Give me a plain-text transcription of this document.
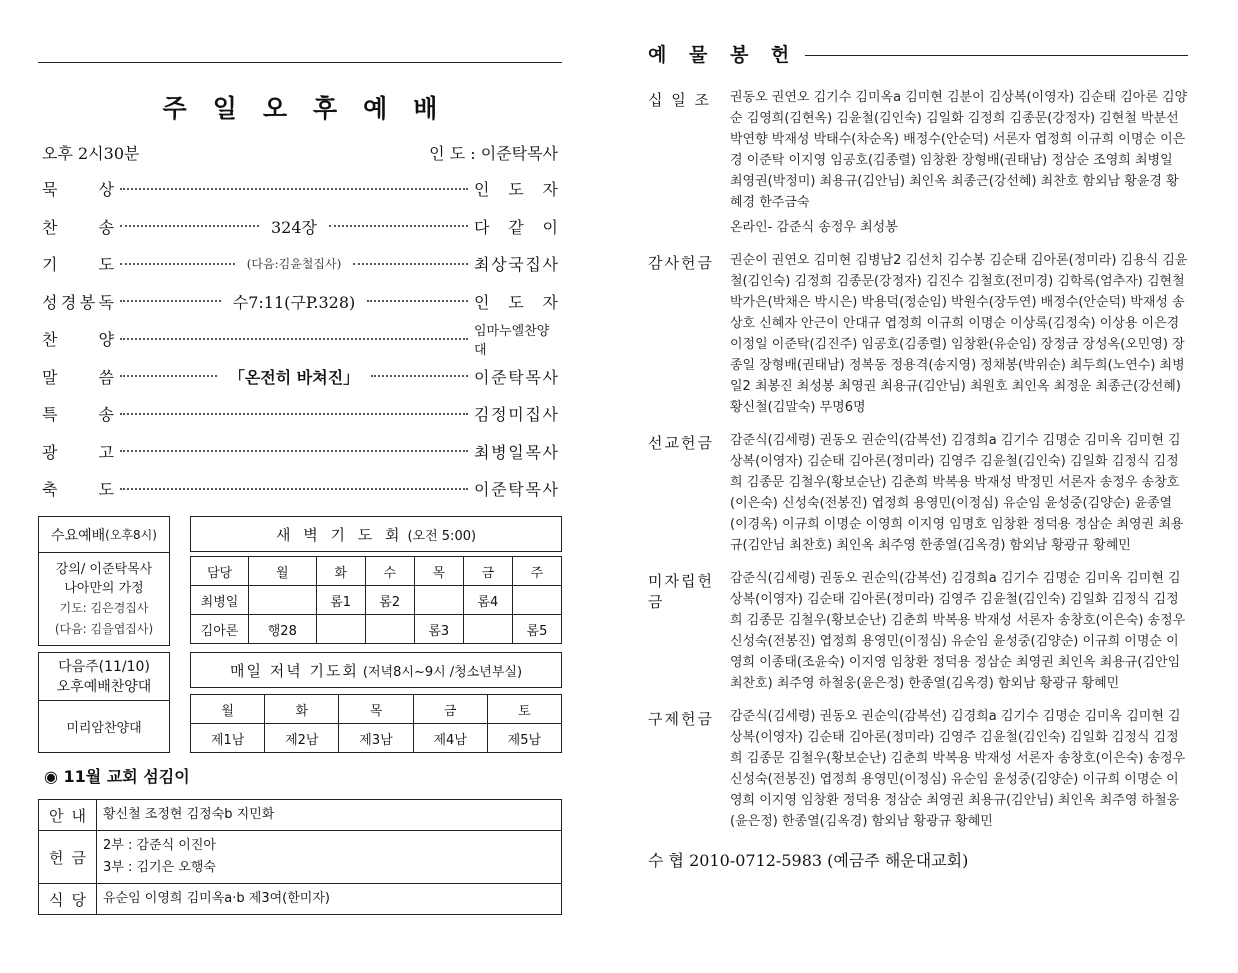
주일오후예배
오후 2시30분	인 도 : 이준탁목사
묵	상	인 도 자
찬	송	324장	다 같 이
기	도	(다음:김윤철집사)	최 상 국 집 사
성 경 봉 독	수7:11(구P.328)	인 도 자
찬	양	임마누엘찬양대
말	씀	「온전히 바쳐진」	이 준 탁 목 사
특	송	김 정 미 집 사
광	고	최 병 일 목 사
축	도	이 준 탁 목 사
수요예배 (오후8시)
강의/ 이준탁목사
나아만의 가정
기도: 김은경집사
(다음: 김을엽집사)
새 벽 기 도 회 (오전 5:00)
담당	월	화	수	목	금	주
최병일		롬1	롬2		롬4	
김아론	행28			롬3		롬5
다음주(11/10)
오후예배찬양대
미리암찬양대
매일 저녁 기도회 (저녁8시~9시 /청소년부실)
월	화	목	금	토
제1남	제2남	제3남	제4남	제5남
◉ 11월 교회 섬김이
안내	황신철 조정현 김정숙b 지민화

헌금	2부 : 감준식 이진아
3부 : 김기은 오행숙

식당	유순임 이영희 김미옥a·b 제3여(한미자)
예 물 봉 헌
십 일 조	권동오 권연오 김기수 김미옥a 김미현 김분이 김상복(이영자) 김순태 김아론 김양순 김영희(김현옥) 김윤철(김인숙) 김일화 김정희 김종문(강정자) 김현철 박분선 박연향 박재성 박태수(차순옥) 배정수(안순덕) 서론자 엽정희 이규희 이명순 이은경 이준탁 이지영 임공호(김종렬) 임창환 장형배(권태남) 정삼순 조영희 최병일 최영권(박정미) 최용규(김안님) 최인옥 최종근(강선혜) 최찬호 함외남 황윤경 황혜경 한주금숙
온라인- 감준식 송정우 최성봉
감사헌금	권순이 권연오 김미현 김병남2 김선치 김수봉 김순태 김아론(정미라) 김용식 김윤철(김인숙) 김정희 김종문(강정자) 김진수 김철호(전미경) 김학록(엄추자) 김현철 박가은(박채은 박시은) 박용덕(정순임) 박원수(장두연) 배정수(안순덕) 박재성 송상호 신혜자 안근이 안대규 엽정희 이규희 이명순 이상록(김정숙) 이상용 이은경 이정일 이준탁(김진주) 임공호(김종렬) 임창환(유순임) 장정금 장성옥(오민영) 장종일 장형배(권태남) 정복동 정용격(송지영) 정채봉(박위순) 최두희(노연수) 최병일2 최봉진 최성봉 최영권 최용규(김안님) 최원호 최인옥 최정운 최종근(강선혜) 황신철(김말숙) 무명6명
선교헌금	감준식(김세령) 권동오 권순익(감복선) 김경희a 김기수 김명순 김미옥 김미현 김상복(이영자) 김순태 김아론(정미라) 김영주 김윤철(김인숙) 김일화 김정식 김정희 김종문 김철우(황보순난) 김춘희 박복용 박재성 박정민 서론자 송정우 송창호(이은숙) 신성숙(전봉진) 엽정희 용영민(이정심) 유순임 윤성중(김양순) 윤종열(이경옥) 이규희 이명순 이영희 이지영 임명호 임창환 정덕용 정삼순 최영권 최용규(김안님 최찬호) 최인옥 최주영 한종열(김옥경) 함외남 황광규 황혜민
미자립헌금
감준식(김세령) 권동오 권순익(감복선) 김경희a 김기수 김명순 김미옥 김미현 김상복(이영자) 김순태 김아론(정미라) 김영주 김윤철(김인숙) 김일화 김정식 김정희 김종문 김철우(황보순난) 김춘희 박복용 박재성 서론자 송창호(이은숙) 송정우 신성숙(전봉진) 엽정희 용영민(이정심) 유순임 윤성중(김양순) 이규희 이명순 이영희 이종태(조윤숙) 이지영 임창환 정덕용 정삼순 최영권 최인옥 최용규(김안임 최찬호) 최주영 하철웅(윤은정) 한종열(김옥경) 함외남 황광규 황혜민
구제헌금	감준식(김세령) 권동오 권순익(감복선) 김경희a 김기수 김명순 김미옥 김미현 김상복(이영자) 김순태 김아론(정미라) 김영주 김윤철(김인숙) 김일화 김정식 김정희 김종문 김철우(황보순난) 김춘희 박복용 박재성 서론자 송창호(이은숙) 송정우 신성숙(전봉진) 엽정희 용영민(이정심) 유순임 윤성중(김양순) 이규희 이명순 이영희 이지영 임창환 정덕용 정삼순 최영권 최용규(김안님) 최인옥 최주영 하철웅(윤은정) 한종열(김옥경) 함외남 황광규 황혜민
수 협 2010-0712-5983 (예금주 해운대교회)
